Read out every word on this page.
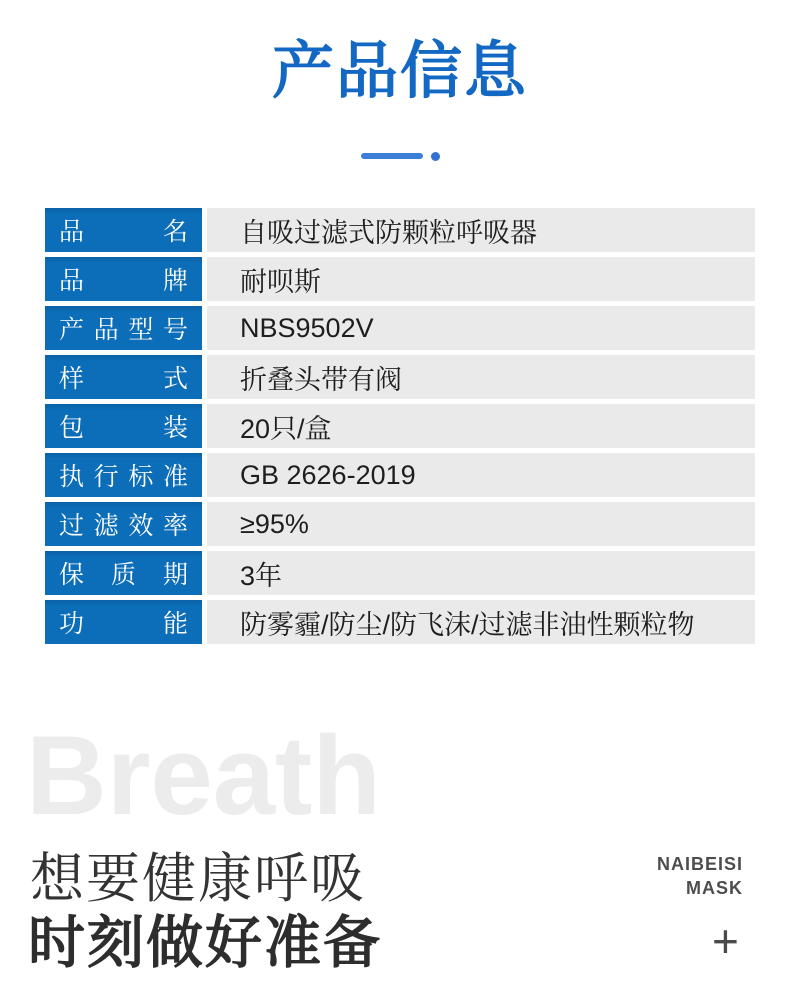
产品信息
品	名	自吸过滤式防颗粒呼吸器
品	牌	耐呗斯
产 品 型 号	NBS9502V
样	式	折叠头带有阀
包	装	20只/盒
执 行 标 准	GB 2626-2019
过 滤 效 率	≥95%
保 质 期	3年
功	能	防雾霾/防尘/防飞沫/过滤非油性颗粒物
Breath
想要健康呼吸
时刻做好准备
NAIBEISI
MASK
+
